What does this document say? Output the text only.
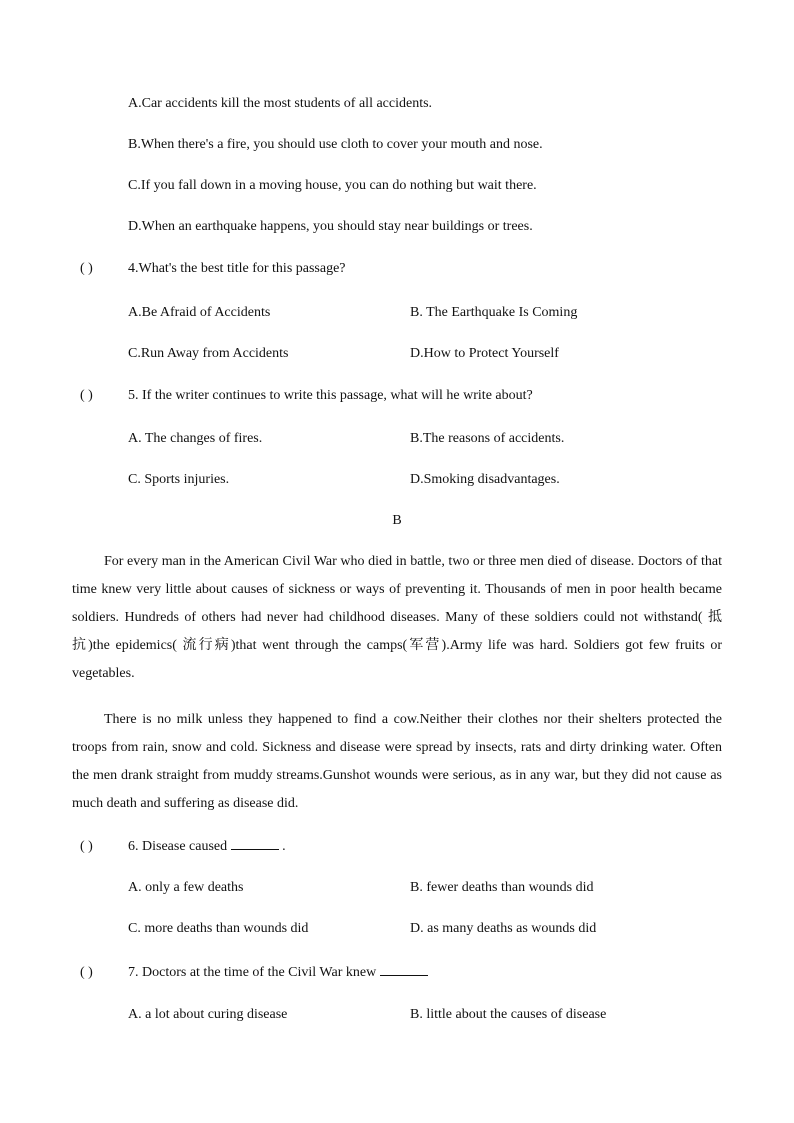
A.Car accidents kill the most students of all accidents.
B.When there's a fire, you should use cloth to cover your mouth and nose.
C.If you fall down in a moving house, you can do nothing but wait there.
D.When an earthquake happens, you should stay near buildings or trees.
( )	4.What's the best title for this passage?
A.Be Afraid of Accidents	B. The Earthquake Is Coming
C.Run Away from Accidents	D.How to Protect Yourself
( )	5. If the writer continues to write this passage, what will he write about?
A. The changes of fires.	B.The reasons of accidents.
C. Sports injuries.	D.Smoking disadvantages.
B
For every man in the American Civil War who died in battle, two or three men died of disease. Doctors of that time knew very little about causes of sickness or ways of preventing it. Thousands of men in poor health became soldiers. Hundreds of others had never had childhood diseases. Many of these soldiers could not withstand( 抵抗)the epidemics( 流行病)that went through the camps(军营).Army life was hard. Soldiers got few fruits or vegetables.
There is no milk unless they happened to find a cow.Neither their clothes nor their shelters protected the troops from rain, snow and cold. Sickness and disease were spread by insects, rats and dirty drinking water. Often the men drank straight from muddy streams.Gunshot wounds were serious, as in any war, but they did not cause as much death and suffering as disease did.
( )	6. Disease caused	.
A. only a few deaths	B. fewer deaths than wounds did
C. more deaths than wounds did	D. as many deaths as wounds did
( )	7. Doctors at the time of the Civil War knew
A. a lot about curing disease	B. little about the causes of disease
